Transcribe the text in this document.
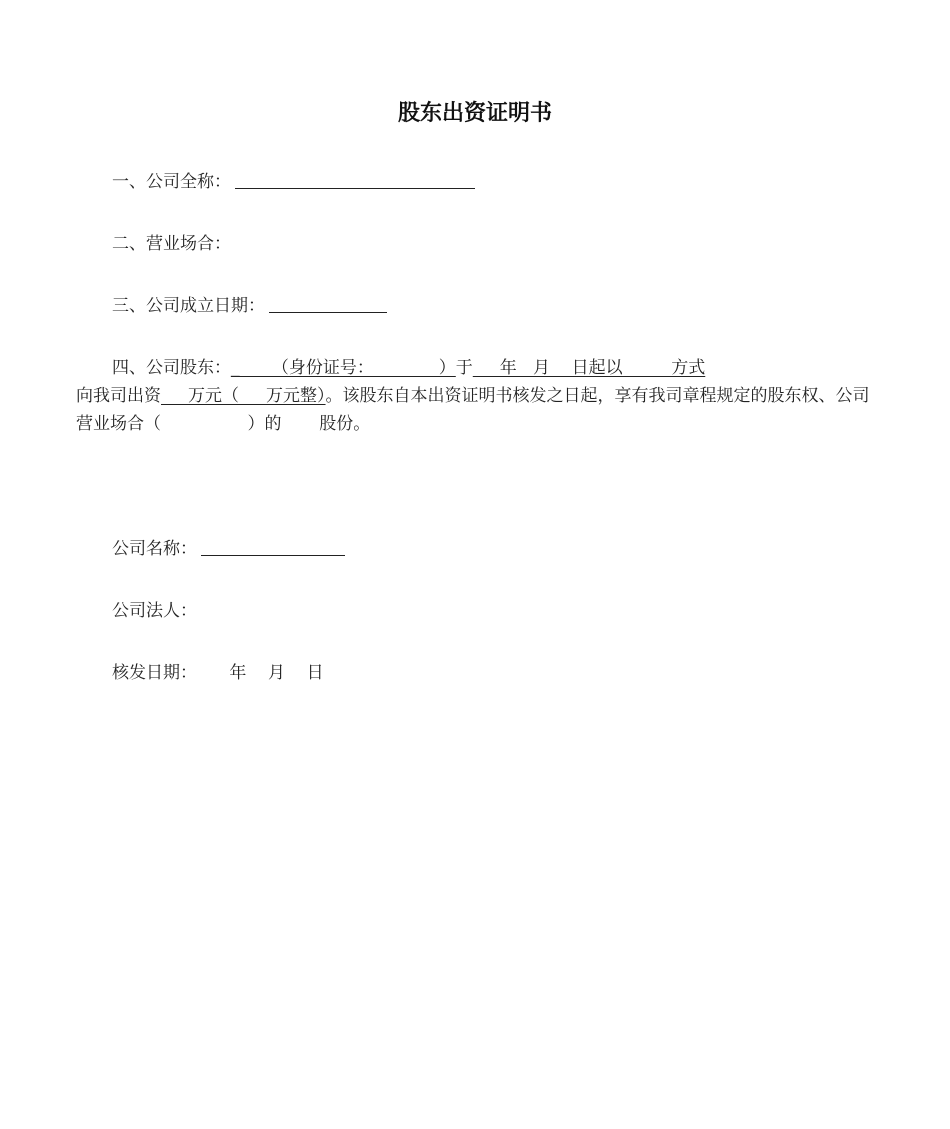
股东出资证明书
一、公司全称：
二、营业场合：
三、公司成立日期：
四、公司股东：_      （身份证号：            ）于     年   月    日起以         方式向我司出资     万元（     万元整）。该股东自本出资证明书核发之日起，享有我司章程规定的股东权、公司营业场合（                ）的       股份。
公司名称：
公司法人：
核发日期：      年    月    日
